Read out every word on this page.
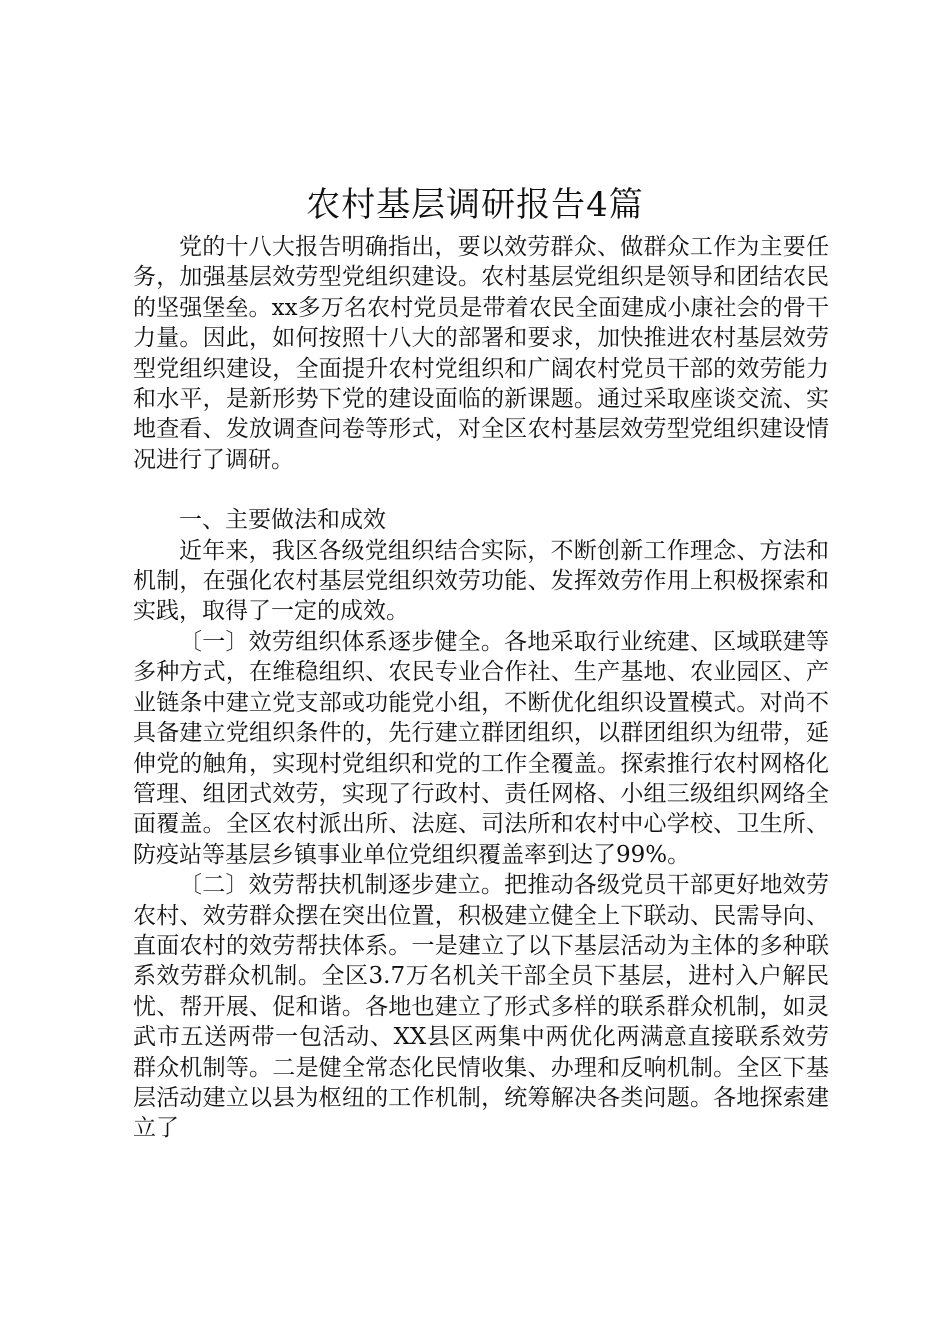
农村基层调研报告4篇

党的十八大报告明确指出，要以效劳群众、做群众工作为主要任务，加强基层效劳型党组织建设。农村基层党组织是领导和团结农民的坚强堡垒。xx多万名农村党员是带着农民全面建成小康社会的骨干力量。因此，如何按照十八大的部署和要求，加快推进农村基层效劳型党组织建设，全面提升农村党组织和广阔农村党员干部的效劳能力和水平，是新形势下党的建设面临的新课题。通过采取座谈交流、实地查看、发放调查问卷等形式，对全区农村基层效劳型党组织建设情况进行了调研。

一、主要做法和成效

近年来，我区各级党组织结合实际，不断创新工作理念、方法和机制，在强化农村基层党组织效劳功能、发挥效劳作用上积极探索和实践，取得了一定的成效。

〔一〕效劳组织体系逐步健全。各地采取行业统建、区域联建等多种方式，在维稳组织、农民专业合作社、生产基地、农业园区、产业链条中建立党支部或功能党小组，不断优化组织设置模式。对尚不具备建立党组织条件的，先行建立群团组织，以群团组织为纽带，延伸党的触角，实现村党组织和党的工作全覆盖。探索推行农村网格化管理、组团式效劳，实现了行政村、责任网格、小组三级组织网络全面覆盖。全区农村派出所、法庭、司法所和农村中心学校、卫生所、防疫站等基层乡镇事业单位党组织覆盖率到达了99%。

〔二〕效劳帮扶机制逐步建立。把推动各级党员干部更好地效劳农村、效劳群众摆在突出位置，积极建立健全上下联动、民需导向、直面农村的效劳帮扶体系。一是建立了以下基层活动为主体的多种联系效劳群众机制。全区3.7万名机关干部全员下基层，进村入户解民忧、帮开展、促和谐。各地也建立了形式多样的联系群众机制，如灵武市五送两带一包活动、XX县区两集中两优化两满意直接联系效劳群众机制等。二是健全常态化民情收集、办理和反响机制。全区下基层活动建立以县为枢纽的工作机制，统筹解决各类问题。各地探索建立了
